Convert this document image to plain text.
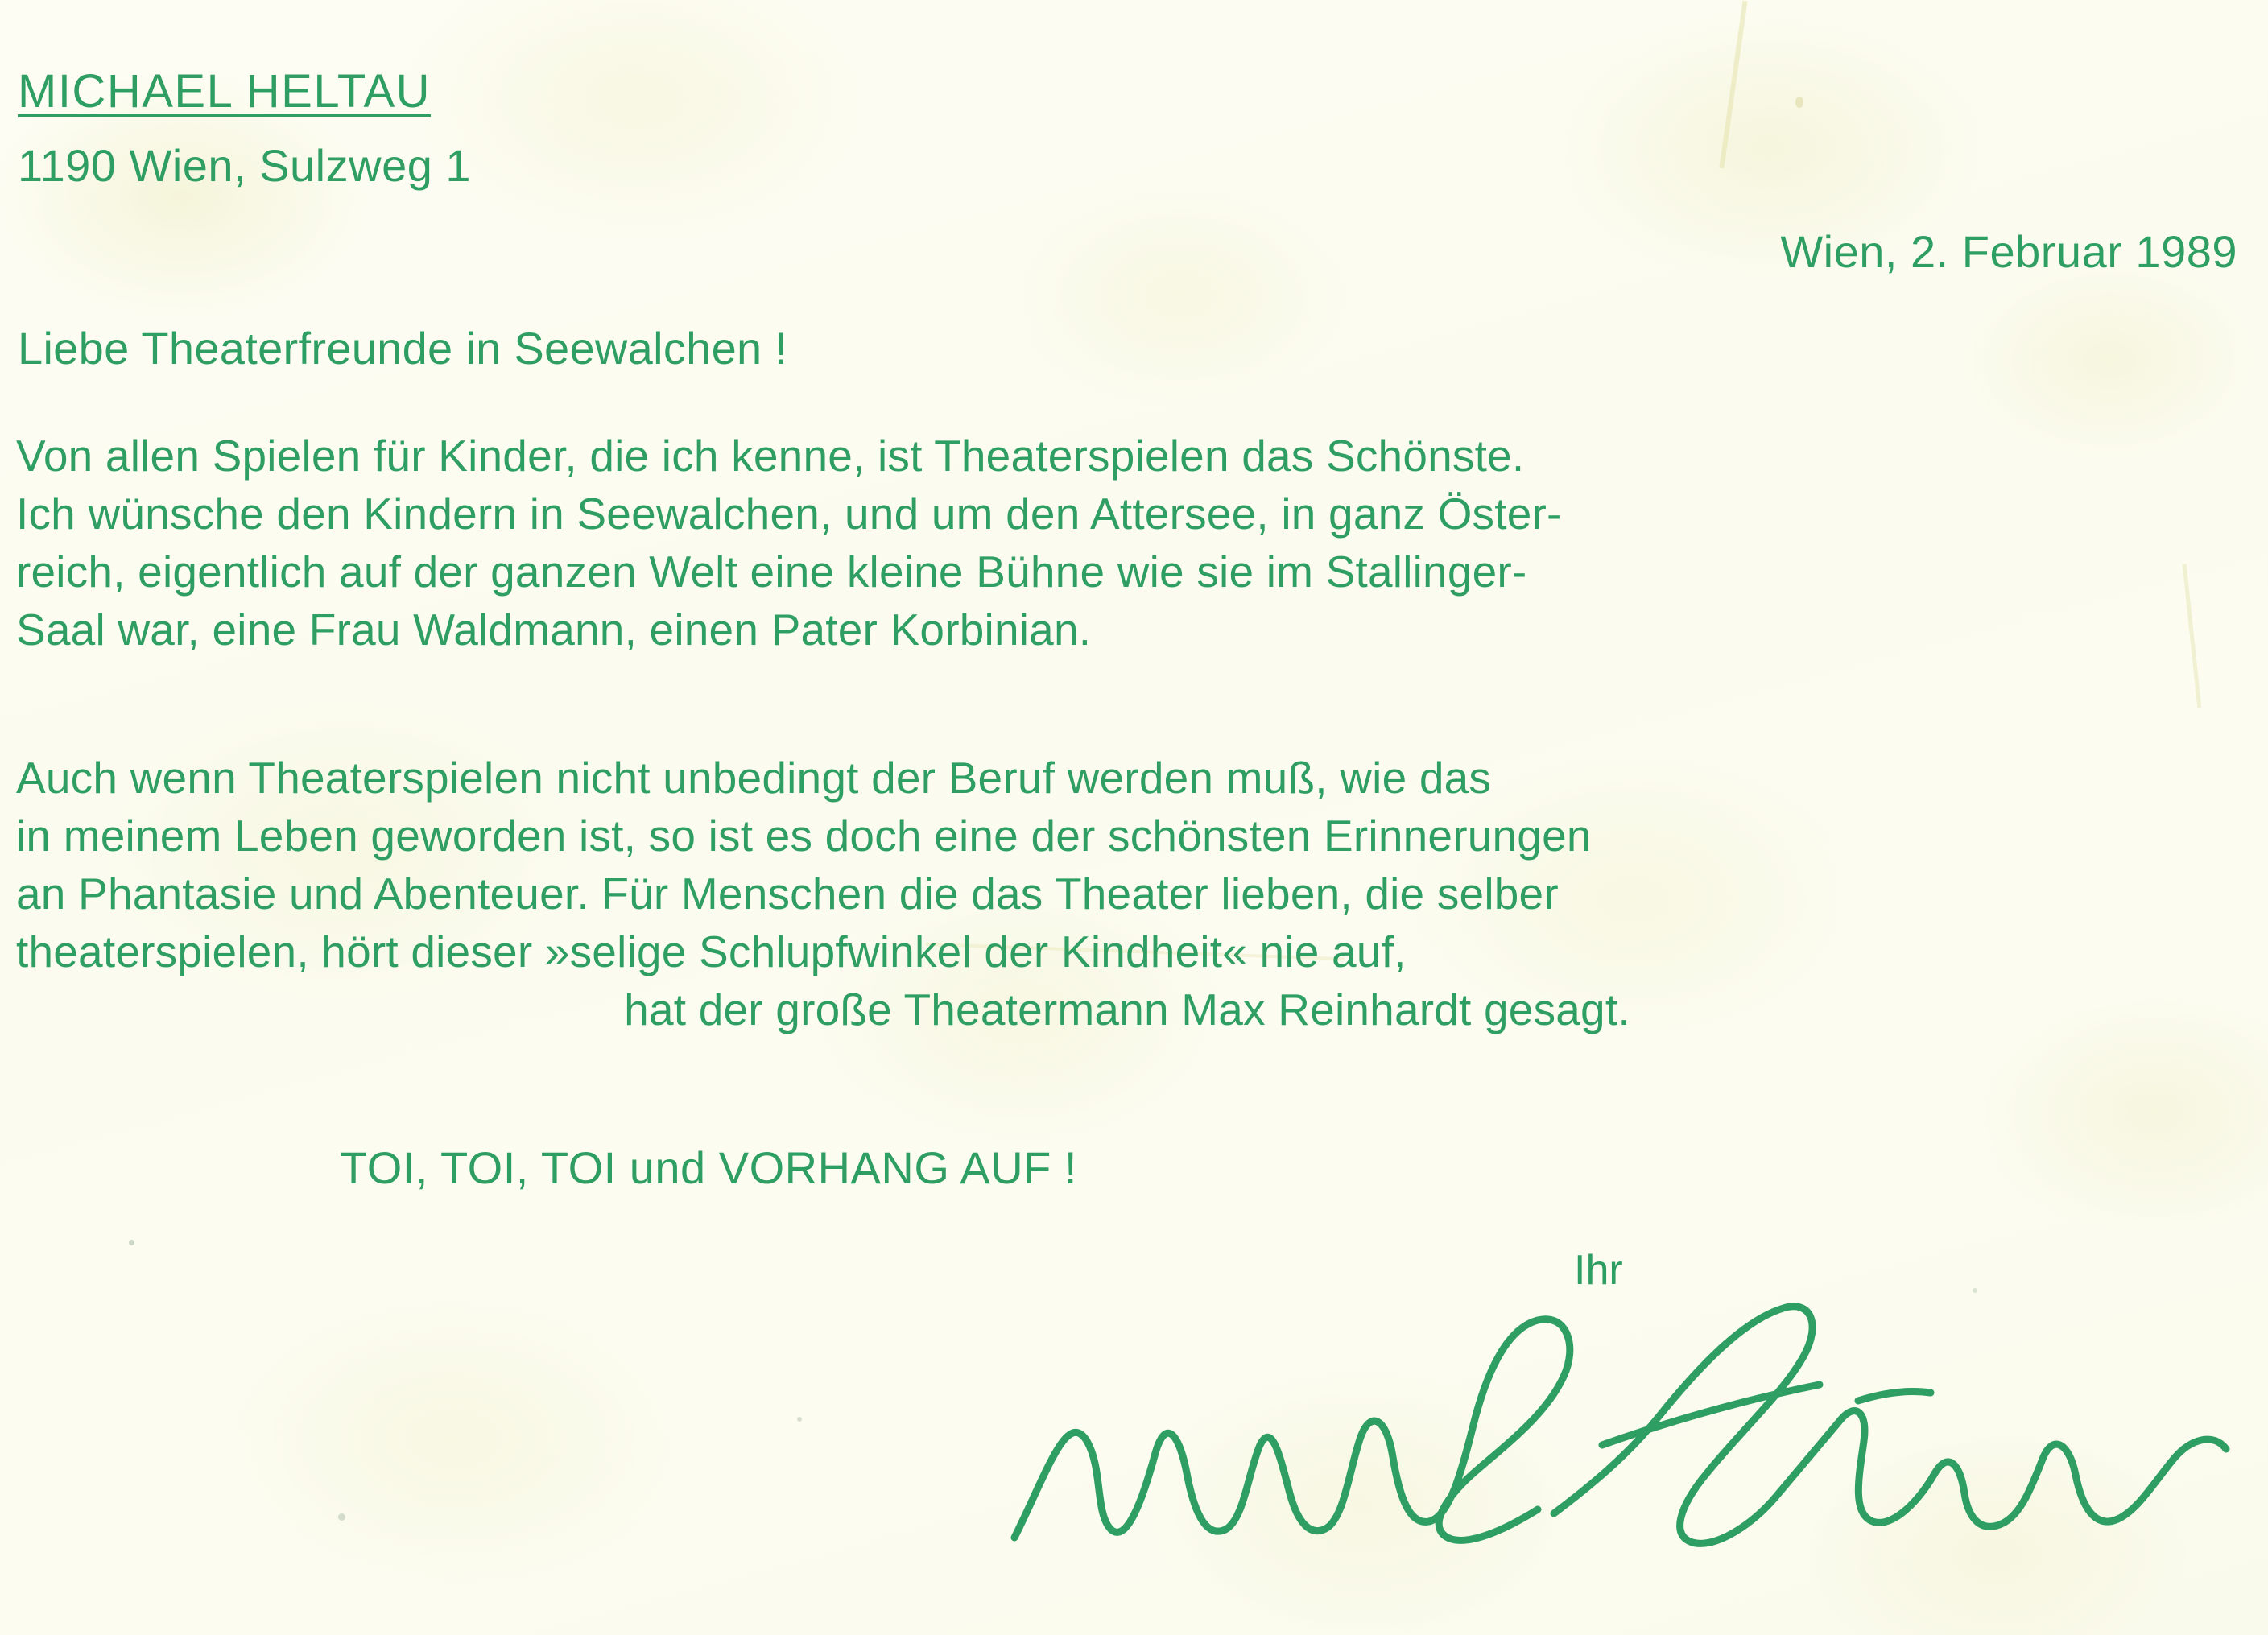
MICHAEL HELTAU
1190 Wien, Sulzweg 1
Wien, 2. Februar 1989
Liebe Theaterfreunde in Seewalchen !
Von allen Spielen für Kinder, die ich kenne, ist Theaterspielen das Schönste.
Ich wünsche den Kindern in Seewalchen, und um den Attersee, in ganz Öster-
reich, eigentlich auf der ganzen Welt eine kleine Bühne wie sie im Stallinger-
Saal war, eine Frau Waldmann, einen Pater Korbinian.
Auch wenn Theaterspielen nicht unbedingt der Beruf werden muß, wie das
in meinem Leben geworden ist, so ist es doch eine der schönsten Erinnerungen
an Phantasie und Abenteuer. Für Menschen die das Theater lieben, die selber
theaterspielen, hört dieser »selige Schlupfwinkel der Kindheit« nie auf,
hat der große Theatermann Max Reinhardt gesagt.
TOI, TOI, TOI und VORHANG AUF !
Ihr
